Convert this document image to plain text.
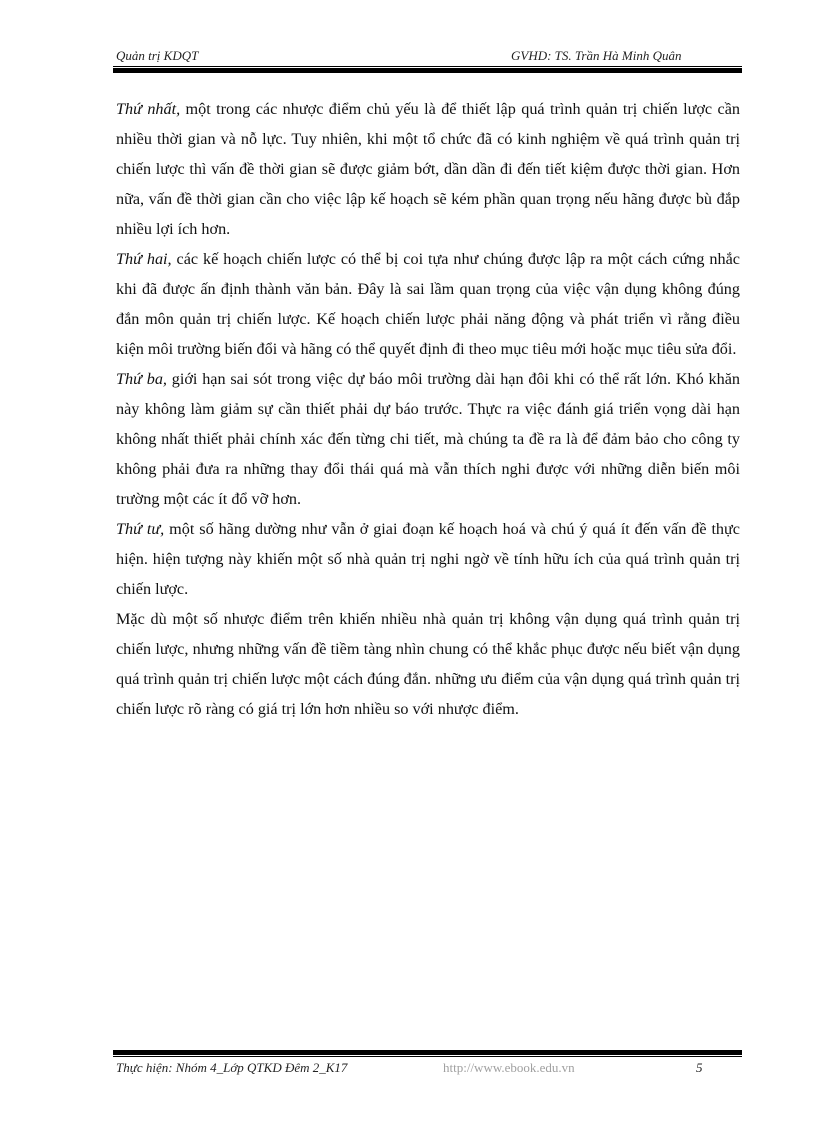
Quản trị KDQT	GVHD: TS. Trần Hà Minh Quân

Thứ nhất, một trong các nhược điểm chủ yếu là để thiết lập quá trình quản trị chiến lược cần nhiều thời gian và nỗ lực. Tuy nhiên, khi một tổ chức đã có kinh nghiệm về quá trình quản trị chiến lược thì vấn đề thời gian sẽ được giảm bớt, dần dần đi đến tiết kiệm được thời gian. Hơn nữa, vấn đề thời gian cần cho việc lập kế hoạch sẽ kém phần quan trọng nếu hãng được bù đắp nhiều lợi ích hơn.

Thứ hai, các kế hoạch chiến lược có thể bị coi tựa như chúng được lập ra một cách cứng nhắc khi đã được ấn định thành văn bản. Đây là sai lầm quan trọng của việc vận dụng không đúng đắn môn quản trị chiến lược. Kế hoạch chiến lược phải năng động và phát triển vì rằng điều kiện môi trường biến đổi và hãng có thể quyết định đi theo mục tiêu mới hoặc mục tiêu sửa đổi.

Thứ ba, giới hạn sai sót trong việc dự báo môi trường dài hạn đôi khi có thể rất lớn. Khó khăn này không làm giảm sự cần thiết phải dự báo trước. Thực ra việc đánh giá triển vọng dài hạn không nhất thiết phải chính xác đến từng chi tiết, mà chúng ta đề ra là để đảm bảo cho công ty không phải đưa ra những thay đổi thái quá mà vẫn thích nghi được với những diễn biến môi trường một các ít đổ vỡ hơn.

Thứ tư, một số hãng dường như vẫn ở giai đoạn kế hoạch hoá và chú ý quá ít đến vấn đề thực hiện. hiện tượng này khiến một số nhà quản trị nghi ngờ về tính hữu ích của quá trình quản trị chiến lược.

Mặc dù một số nhược điểm trên khiến nhiều nhà quản trị không vận dụng quá trình quản trị chiến lược, nhưng những vấn đề tiềm tàng nhìn chung có thể khắc phục được nếu biết vận dụng quá trình quản trị chiến lược một cách đúng đắn. những ưu điểm của vận dụng quá trình quản trị chiến lược rõ ràng có giá trị lớn hơn nhiều so với nhược điểm.

Thực hiện: Nhóm 4_Lớp QTKD Đêm 2_K17	http://www.ebook.edu.vn	5
